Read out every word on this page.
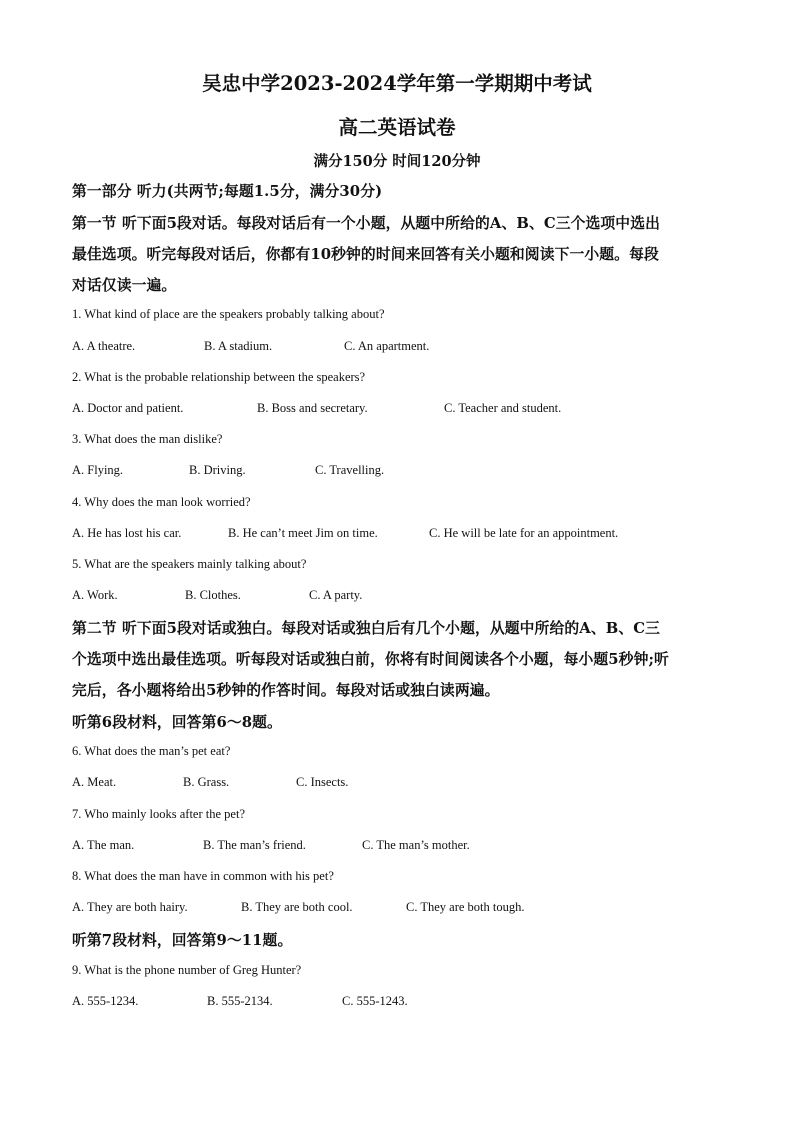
吴忠中学2023-2024学年第一学期期中考试
高二英语试卷
满分150分 时间120分钟
第一部分 听力(共两节;每题1.5分，满分30分)
第一节 听下面5段对话。每段对话后有一个小题，从题中所给的A、B、C三个选项中选出
最佳选项。听完每段对话后，你都有10秒钟的时间来回答有关小题和阅读下一小题。每段
对话仅读一遍。
1. What kind of place are the speakers probably talking about?
A. A theatre.	B. A stadium.	C. An apartment.
2. What is the probable relationship between the speakers?
A. Doctor and patient.	B. Boss and secretary.	C. Teacher and student.
3. What does the man dislike?
A. Flying.	B. Driving.	C. Travelling.
4. Why does the man look worried?
A. He has lost his car.	B. He can’t meet Jim on time.	C. He will be late for an appointment.
5. What are the speakers mainly talking about?
A. Work.	B. Clothes.	C. A party.
第二节 听下面5段对话或独白。每段对话或独白后有几个小题，从题中所给的A、B、C三
个选项中选出最佳选项。听每段对话或独白前，你将有时间阅读各个小题，每小题5秒钟;听
完后，各小题将给出5秒钟的作答时间。每段对话或独白读两遍。
听第6段材料，回答第6～8题。
6. What does the man’s pet eat?
A. Meat.	B. Grass.	C. Insects.
7. Who mainly looks after the pet?
A. The man.	B. The man’s friend.	C. The man’s mother.
8. What does the man have in common with his pet?
A. They are both hairy.	B. They are both cool.	C. They are both tough.
听第7段材料，回答第9～11题。
9. What is the phone number of Greg Hunter?
A. 555-1234.	B. 555-2134.	C. 555-1243.
